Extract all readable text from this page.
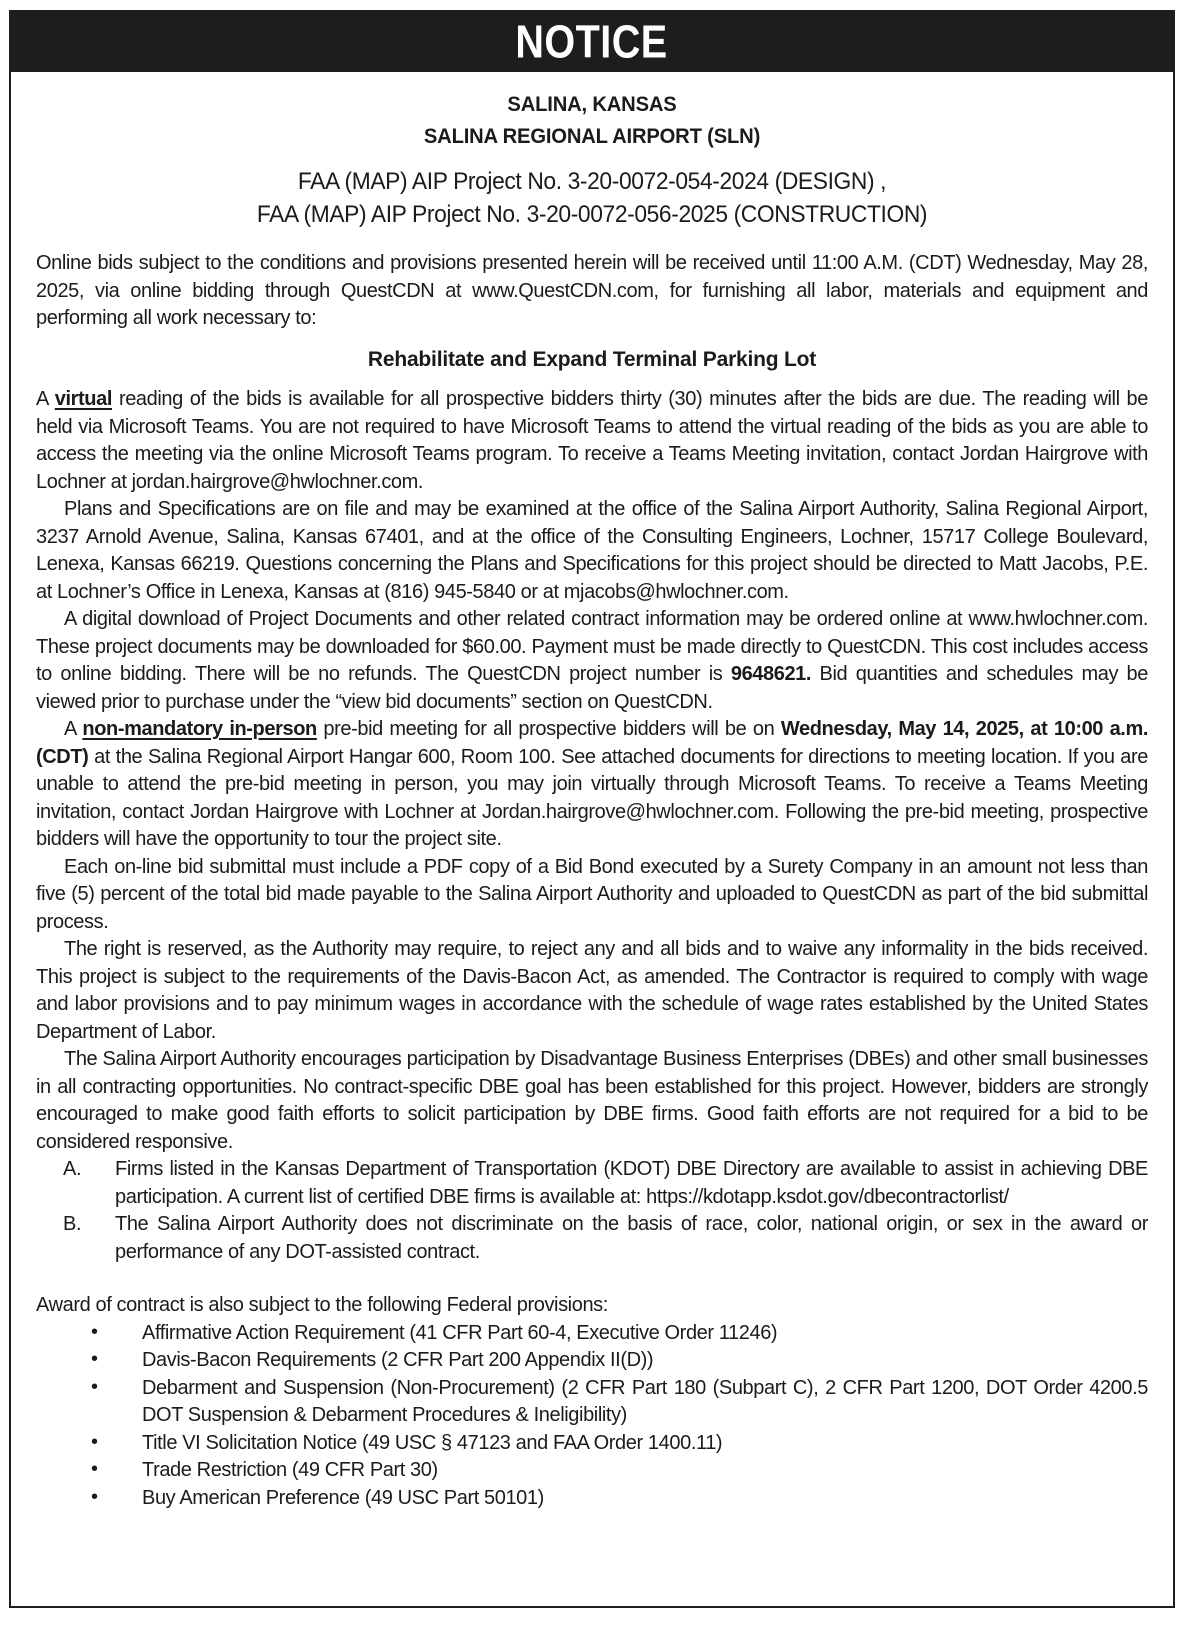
NOTICE
SALINA, KANSAS
SALINA REGIONAL AIRPORT (SLN)
FAA (MAP) AIP Project No. 3-20-0072-054-2024 (DESIGN) ,
FAA (MAP) AIP Project No. 3-20-0072-056-2025 (CONSTRUCTION)

Online bids subject to the conditions and provisions presented herein will be received until 11:00 A.M. (CDT) Wednesday, May 28, 2025, via online bidding through QuestCDN at www.QuestCDN.com, for furnishing all labor, materials and equipment and performing all work necessary to:

Rehabilitate and Expand Terminal Parking Lot

A virtual reading of the bids is available for all prospective bidders thirty (30) minutes after the bids are due. The reading will be held via Microsoft Teams. You are not required to have Microsoft Teams to attend the virtual reading of the bids as you are able to access the meeting via the online Microsoft Teams program. To receive a Teams Meeting invitation, contact Jordan Hairgrove with Lochner at jordan.hairgrove@hwlochner.com.

Plans and Specifications are on file and may be examined at the office of the Salina Airport Authority, Salina Regional Airport, 3237 Arnold Avenue, Salina, Kansas 67401, and at the office of the Consulting Engineers, Lochner, 15717 College Boulevard, Lenexa, Kansas 66219. Questions concerning the Plans and Specifications for this project should be directed to Matt Jacobs, P.E. at Lochner’s Office in Lenexa, Kansas at (816) 945-5840 or at mjacobs@hwlochner.com.

A digital download of Project Documents and other related contract information may be ordered online at www.hwlochner.com. These project documents may be downloaded for $60.00. Payment must be made directly to QuestCDN. This cost includes access to online bidding. There will be no refunds. The QuestCDN project number is 9648621. Bid quantities and schedules may be viewed prior to purchase under the “view bid documents” section on QuestCDN.

A non-mandatory in-person pre-bid meeting for all prospective bidders will be on Wednesday, May 14, 2025, at 10:00 a.m. (CDT) at the Salina Regional Airport Hangar 600, Room 100. See attached documents for directions to meeting location. If you are unable to attend the pre-bid meeting in person, you may join virtually through Microsoft Teams. To receive a Teams Meeting invitation, contact Jordan Hairgrove with Lochner at Jordan.hairgrove@hwlochner.com. Following the pre-bid meeting, prospective bidders will have the opportunity to tour the project site.

Each on-line bid submittal must include a PDF copy of a Bid Bond executed by a Surety Company in an amount not less than five (5) percent of the total bid made payable to the Salina Airport Authority and uploaded to QuestCDN as part of the bid submittal process.

The right is reserved, as the Authority may require, to reject any and all bids and to waive any informality in the bids received. This project is subject to the requirements of the Davis-Bacon Act, as amended. The Contractor is required to comply with wage and labor provisions and to pay minimum wages in accordance with the schedule of wage rates established by the United States Department of Labor.

The Salina Airport Authority encourages participation by Disadvantage Business Enterprises (DBEs) and other small businesses in all contracting opportunities. No contract-specific DBE goal has been established for this project. However, bidders are strongly encouraged to make good faith efforts to solicit participation by DBE firms. Good faith efforts are not required for a bid to be considered responsive.

A. Firms listed in the Kansas Department of Transportation (KDOT) DBE Directory are available to assist in achieving DBE participation. A current list of certified DBE firms is available at: https://kdotapp.ksdot.gov/dbecontractorlist/
B. The Salina Airport Authority does not discriminate on the basis of race, color, national origin, or sex in the award or performance of any DOT-assisted contract.

Award of contract is also subject to the following Federal provisions:

• Affirmative Action Requirement (41 CFR Part 60-4, Executive Order 11246)
• Davis-Bacon Requirements (2 CFR Part 200 Appendix II(D))
• Debarment and Suspension (Non-Procurement) (2 CFR Part 180 (Subpart C), 2 CFR Part 1200, DOT Order 4200.5 DOT Suspension & Debarment Procedures & Ineligibility)
• Title VI Solicitation Notice (49 USC § 47123 and FAA Order 1400.11)
• Trade Restriction (49 CFR Part 30)
• Buy American Preference (49 USC Part 50101)
